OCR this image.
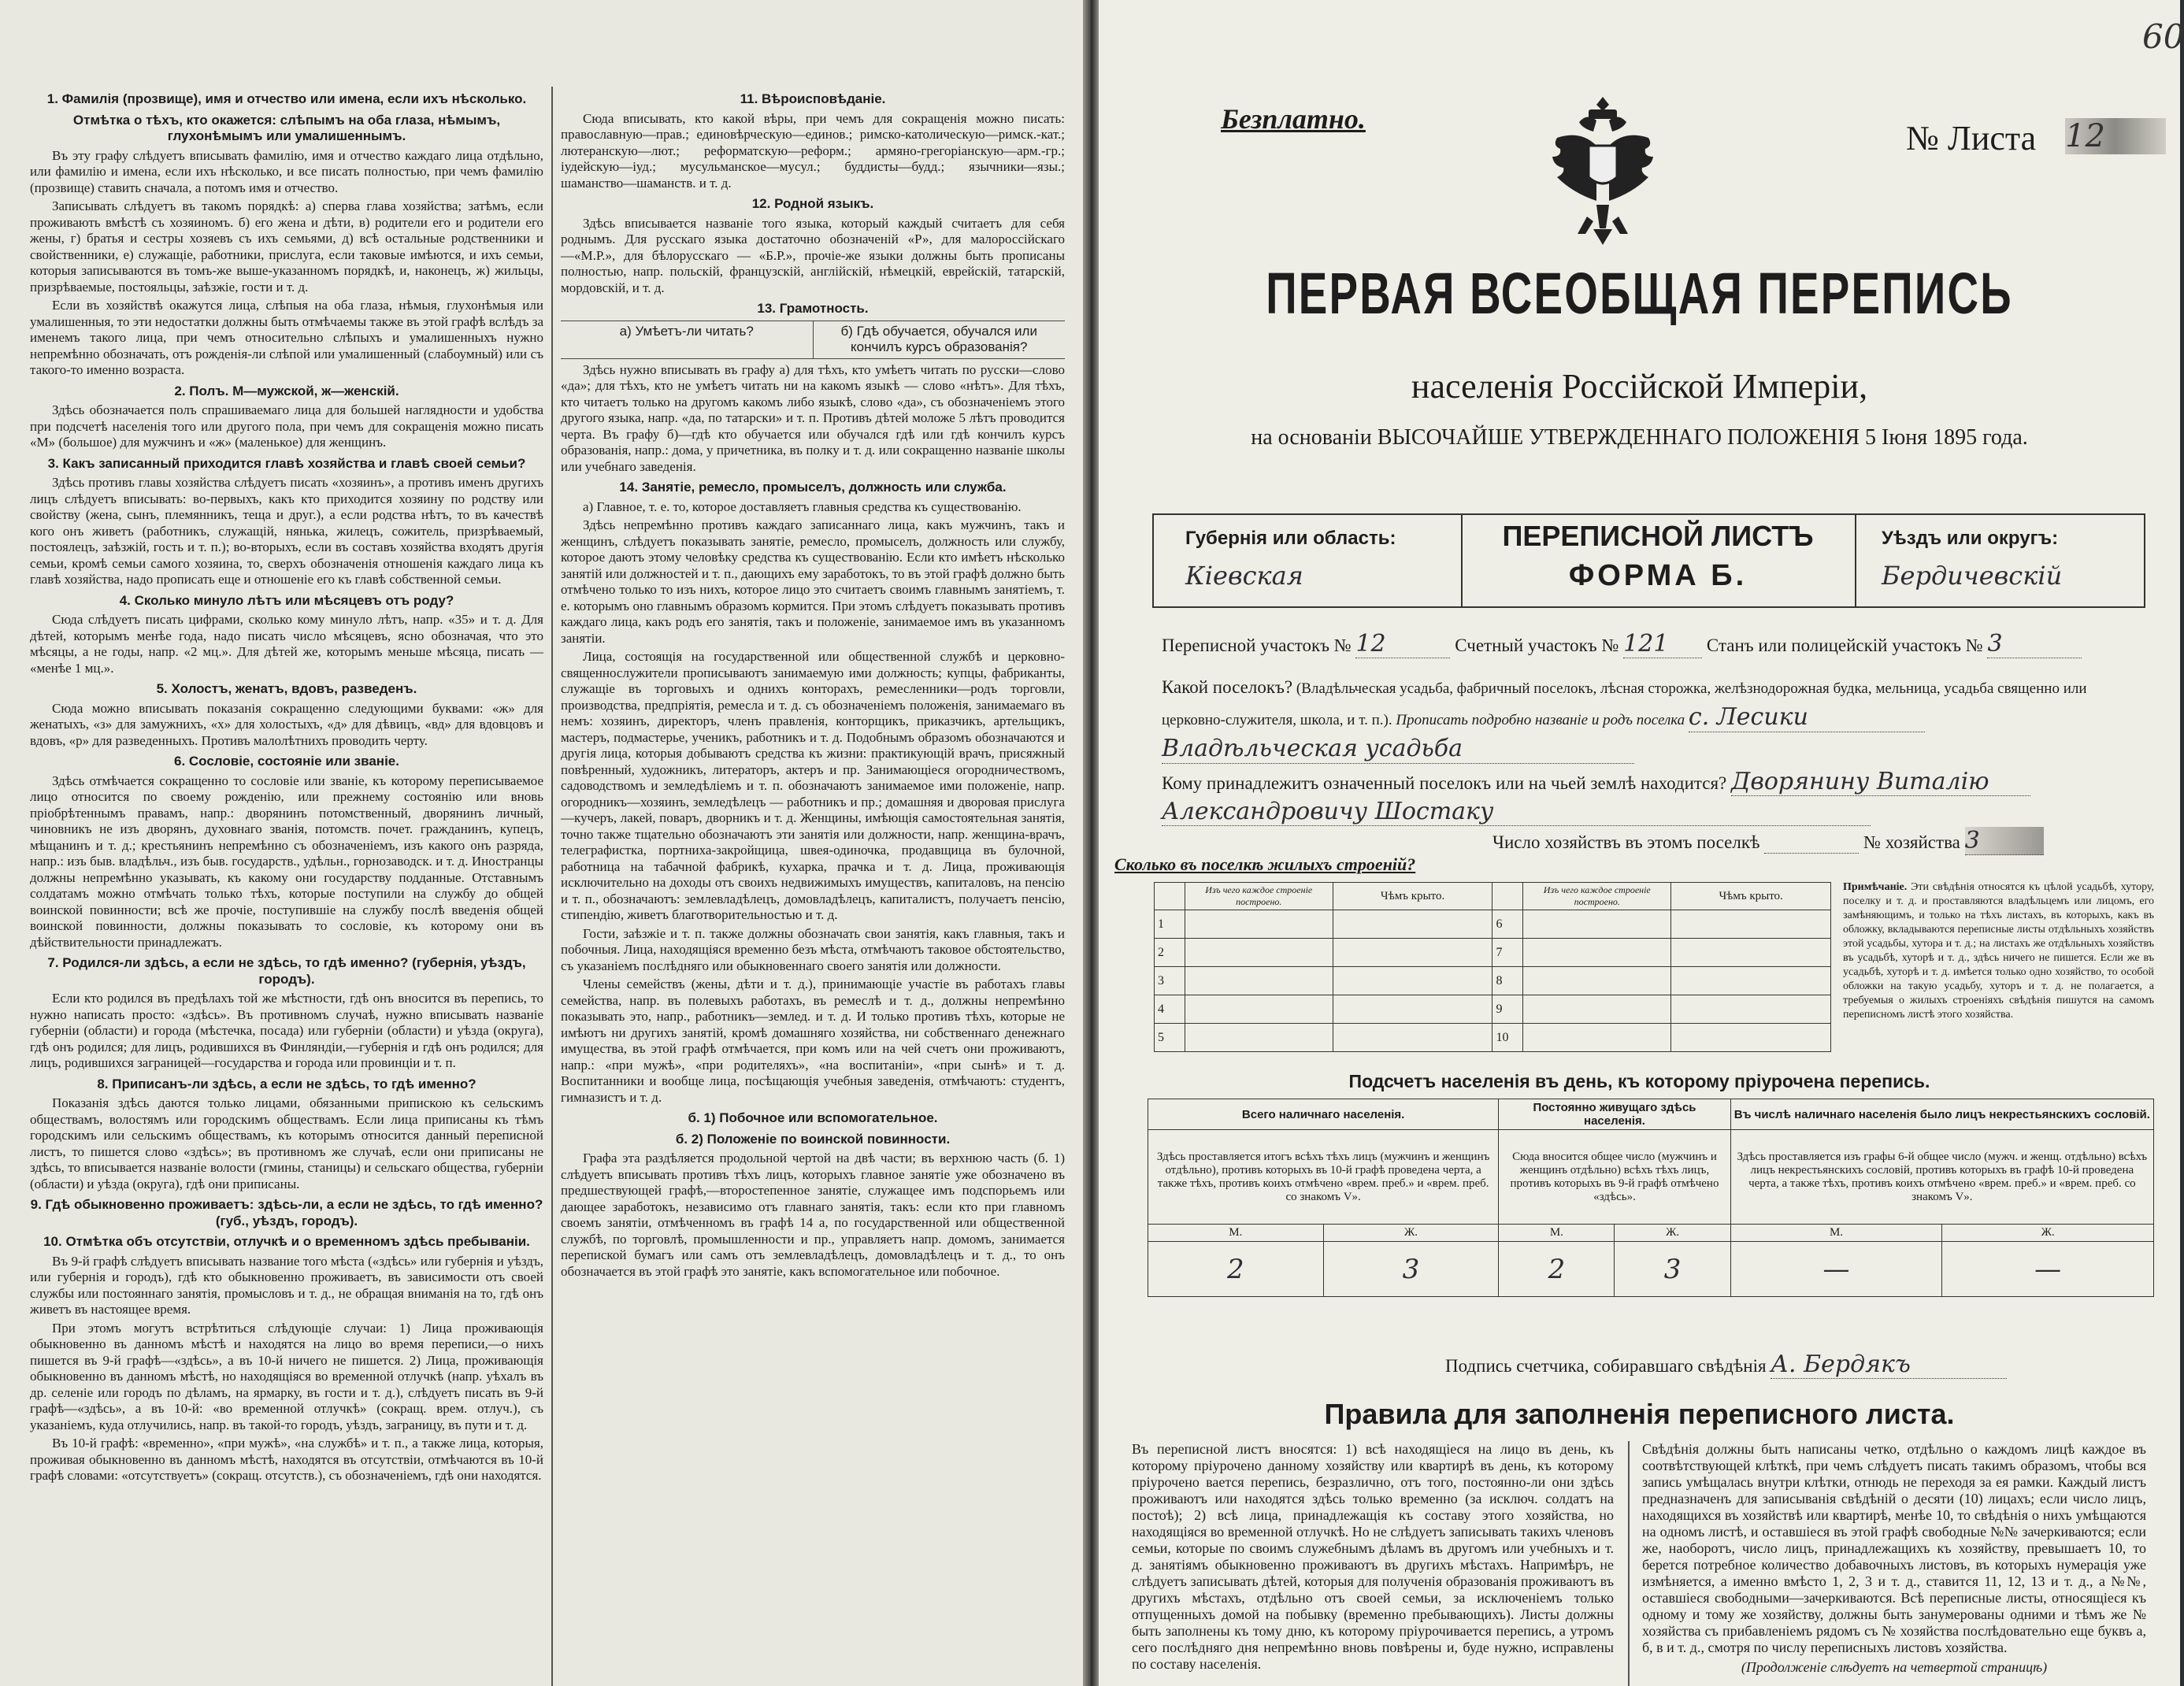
1. Фамилія (прозвище), имя и отчество или имена, если ихъ нѣсколько.
Отмѣтка о тѣхъ, кто окажется: слѣпымъ на оба глаза, нѣмымъ, глухонѣмымъ или умалишеннымъ.
Въ эту графу слѣдуетъ вписывать фамилію, имя и отчество каждаго лица отдѣльно, или фамилію и имена, если ихъ нѣсколько, и все писать полностью, при чемъ фамилію (прозвище) ставить сначала, а потомъ имя и отчество.
Записывать слѣдуетъ въ такомъ порядкѣ: а) сперва глава хозяйства; затѣмъ, если проживають вмѣстѣ съ хозяиномъ. б) его жена и дѣти, в) родители его и родители его жены, г) братья и сестры хозяевъ съ ихъ семьями, д) всѣ остальные родственники и свойственники, е) служащіе, работники, прислуга, если таковые имѣются, и ихъ семьи, которыя записываются въ томъ-же выше-указанномъ порядкѣ, и, наконецъ, ж) жильцы, призрѣваемые, постояльцы, заѣзжіе, гости и т. д.
Если въ хозяйствѣ окажутся лица, слѣпыя на оба глаза, нѣмыя, глухонѣмыя или умалишенныя, то эти недостатки должны быть отмѣчаемы также въ этой графѣ вслѣдъ за именемъ такого лица, при чемъ относительно слѣпыхъ и умалишенныхъ нужно непремѣнно обозначать, отъ рожденія-ли слѣпой или умалишенный (слабоумный) или съ такого-то именно возраста.
2. Полъ. М—мужской, ж—женскій.
Здѣсь обозначается полъ спрашиваемаго лица для большей наглядности и удобства при подсчетѣ населенія того или другого пола, при чемъ для сокращенія можно писать «М» (большое) для мужчинъ и «ж» (маленькое) для женщинъ.
3. Какъ записанный приходится главѣ хозяйства и главѣ своей семьи?
Здѣсь противъ главы хозяйства слѣдуетъ писать «хозяинъ», а противъ именъ другихъ лицъ слѣдуетъ вписывать: во-первыхъ, какъ кто приходится хозяину по родству или свойству (жена, сынъ, племянникъ, теща и друг.), а если родства нѣтъ, то въ качествѣ кого онъ живетъ (работникъ, служащій, нянька, жилецъ, сожитель, призрѣваемый, постоялецъ, заѣзжій, гость и т. п.); во-вторыхъ, если въ составъ хозяйства входятъ другія семьи, кромѣ семьи самого хозяина, то, сверхъ обозначенія отношенія каждаго лица къ главѣ хозяйства, надо прописать еще и отношеніе его къ главѣ собственной семьи.
4. Сколько минуло лѣтъ или мѣсяцевъ отъ роду?
Сюда слѣдуетъ писать цифрами, сколько кому минуло лѣтъ, напр. «35» и т. д. Для дѣтей, которымъ менѣе года, надо писать число мѣсяцевъ, ясно обозначая, что это мѣсяцы, а не годы, напр. «2 мц.». Для дѣтей же, которымъ меньше мѣсяца, писать — «менѣе 1 мц.».
5. Холостъ, женатъ, вдовъ, разведенъ.
Сюда можно вписывать показанія сокращенно следующими буквами: «ж» для женатыхъ, «з» для замужнихъ, «х» для холостыхъ, «д» для дѣвицъ, «вд» для вдовцовъ и вдовъ, «р» для разведенныхъ. Противъ малолѣтнихъ проводить черту.
6. Сословіе, состояніе или званіе.
Здѣсь отмѣчается сокращенно то сословіе или званіе, къ которому переписываемое лицо относится по своему рожденію, или прежнему состоянію или вновь пріобрѣтеннымъ правамъ, напр.: дворянинъ потомственный, дворянинъ личный, чиновникъ не изъ дворянъ, духовнаго званія, потомств. почет. гражданинъ, купецъ, мѣщанинъ и т. д.; крестьянинъ непремѣнно съ обозначеніемъ, изъ какого онъ разряда, напр.: изъ быв. владѣльч., изъ быв. государств., удѣльн., горнозаводск. и т. д. Иностранцы должны непремѣнно указывать, къ какому они государству подданные. Отставнымъ солдатамъ можно отмѣчать только тѣхъ, которые поступили на службу до общей воинской повинности; всѣ же прочіе, поступившіе на службу послѣ введенія общей воинской повинности, должны показывать то сословіе, къ которому они въ дѣйствительности принадлежатъ.
7. Родился-ли здѣсь, а если не здѣсь, то гдѣ именно? (губернія, уѣздъ, городъ).
Если кто родился въ предѣлахъ той же мѣстности, гдѣ онъ вносится въ перепись, то нужно написать просто: «здѣсь». Въ противномъ случаѣ, нужно вписывать названіе губерніи (области) и города (мѣстечка, посада) или губерніи (области) и уѣзда (округа), гдѣ онъ родился; для лицъ, родившихся въ Финляндіи,—губернія и гдѣ онъ родился; для лицъ, родившихся заграницей—государства и города или провинціи и т. п.
8. Приписанъ-ли здѣсь, а если не здѣсь, то гдѣ именно?
Показанія здѣсь даются только лицами, обязанными припискою къ сельскимъ обществамъ, волостямъ или городскимъ обществамъ. Если лица приписаны къ тѣмъ городскимъ или сельскимъ обществамъ, къ которымъ относится данный переписной листъ, то пишется слово «здѣсь»; въ противномъ же случаѣ, если они приписаны не здѣсь, то вписывается названіе волости (гмины, станицы) и сельскаго общества, губерніи (области) и уѣзда (округа), гдѣ они приписаны.
9. Гдѣ обыкновенно проживаетъ: здѣсь-ли, а если не здѣсь, то гдѣ именно? (губ., уѣздъ, городъ).
10. Отмѣтка объ отсутствіи, отлучкѣ и о временномъ здѣсь пребываніи.
Въ 9-й графѣ слѣдуетъ вписывать название того мѣста («здѣсь» или губернія и уѣздъ, или губернія и городъ), гдѣ кто обыкновенно проживаетъ, въ зависимости отъ своей службы или постояннаго занятія, промысловъ и т. д., не обращая вниманія на то, гдѣ онъ живетъ въ настоящее время.
При этомъ могутъ встрѣтиться слѣдующіе случаи: 1) Лица проживающія обыкновенно въ данномъ мѣстѣ и находятся на лицо во время переписи,—о нихъ пишется въ 9-й графѣ—«здѣсь», а въ 10-й ничего не пишется. 2) Лица, проживающія обыкновенно въ данномъ мѣстѣ, но находящіяся во временной отлучкѣ (напр. уѣхалъ въ др. селеніе или городъ по дѣламъ, на ярмарку, въ гости и т. д.), слѣдуетъ писать въ 9-й графѣ—«здѣсь», а въ 10-й: «во временной отлучкѣ» (сокращ. врем. отлуч.), съ указаніемъ, куда отлучились, напр. въ такой-то городъ, уѣздъ, заграницу, въ пути и т. д.
Въ 10-й графѣ: «временно», «при мужѣ», «на службѣ» и т. п., а также лица, которыя, проживая обыкновенно въ данномъ мѣстѣ, находятся въ отсутствіи, отмѣчаются въ 10-й графѣ словами: «отсутствуетъ» (сокращ. отсутств.), съ обозначеніемъ, гдѣ они находятся.
11. Вѣроисповѣданіе.
Сюда вписывать, кто какой вѣры, при чемъ для сокращенія можно писать: православную—прав.; единовѣрческую—единов.; римско-католическую—римск.-кат.; лютеранскую—лют.; реформатскую—реформ.; армяно-грегоріанскую—арм.-гр.; іудейскую—іуд.; мусульманское—мусул.; буддисты—будд.; язычники—язы.; шаманство—шаманств. и т. д.
12. Родной языкъ.
Здѣсь вписывается названіе того языка, который каждый считаетъ для себя роднымъ. Для русскаго языка достаточно обозначеній «Р», для малороссійскаго—«М.Р.», для бѣлорусскаго — «Б.Р.», прочіе-же языки должны быть прописаны полностью, напр. польскій, французскій, англійскій, нѣмецкій, еврейскій, татарскій, мордовскій, и т. д.
13. Грамотность.
а) Умѣетъ-ли читать?	б) Гдѣ обучается, обучался или кончилъ курсъ образованія?
Здѣсь нужно вписывать въ графу а) для тѣхъ, кто умѣетъ читать по русски—слово «да»; для тѣхъ, кто не умѣетъ читать ни на какомъ языкѣ — слово «нѣтъ». Для тѣхъ, кто читаетъ только на другомъ какомъ либо языкѣ, слово «да», съ обозначеніемъ этого другого языка, напр. «да, по татарски» и т. п. Противъ дѣтей моложе 5 лѣтъ проводится черта. Въ графу б)—гдѣ кто обучается или обучался гдѣ или гдѣ кончилъ курсъ образованія, напр.: дома, у причетника, въ полку и т. д. или сокращенно названіе школы или учебнаго заведенія.
14. Занятіе, ремесло, промыселъ, должность или служба.
а) Главное, т. е. то, которое доставляетъ главныя средства къ существованію.
Здѣсь непремѣнно противъ каждаго записаннаго лица, какъ мужчинъ, такъ и женщинъ, слѣдуетъ показывать занятіе, ремесло, промыселъ, должность или службу, которое даютъ этому человѣку средства къ существованію. Если кто имѣетъ нѣсколько занятій или должностей и т. п., дающихъ ему заработокъ, то въ этой графѣ должно быть отмѣчено только то изъ нихъ, которое лицо это считаетъ своимъ главнымъ занятіемъ, т. е. которымъ оно главнымъ образомъ кормится. При этомъ слѣдуетъ показывать противъ каждаго лица, какъ родъ его занятія, такъ и положеніе, занимаемое имъ въ указанномъ занятіи.
Лица, состоящія на государственной или общественной службѣ и церковно-священнослужители прописываютъ занимаемую ими должность; купцы, фабриканты, служащіе въ торговыхъ и однихъ конторахъ, ремесленники—родъ торговли, производства, предпріятія, ремесла и т. д. съ обозначеніемъ положенія, занимаемаго въ немъ: хозяинъ, директоръ, членъ правленія, конторщикъ, приказчикъ, артельщикъ, мастеръ, подмастерье, ученикъ, работникъ и т. д. Подобнымъ образомъ обозначаются и другія лица, которыя добываютъ средства къ жизни: практикующій врачъ, присяжный повѣренный, художникъ, литераторъ, актеръ и пр. Занимающіеся огородничествомъ, садоводствомъ и земледѣліемъ и т. п. обозначаютъ занимаемое ими положеніе, напр. огородникъ—хозяинъ, земледѣлецъ — работникъ и пр.; домашняя и дворовая прислуга—кучеръ, лакей, поваръ, дворникъ и т. д. Женщины, имѣющія самостоятельная занятія, точно также тщательно обозначаютъ эти занятія или должности, напр. женщина-врачъ, телеграфистка, портниха-закройщица, швея-одиночка, продавщица въ булочной, работница на табачной фабрикѣ, кухарка, прачка и т. д. Лица, проживающія исключительно на доходы отъ своихъ недвижимыхъ имуществъ, капиталовъ, на пенсію и т. п., обозначаютъ: землевладѣлецъ, домовладѣлецъ, капиталистъ, получаетъ пенсію, стипендію, живетъ благотворительностью и т. д.
Гости, заѣзжіе и т. п. также должны обозначать свои занятія, какъ главныя, такъ и побочныя. Лица, находящіяся временно безъ мѣста, отмѣчаютъ таковое обстоятельство, съ указаніемъ послѣдняго или обыкновеннаго своего занятія или должности.
Члены семействъ (жены, дѣти и т. д.), принимающіе участіе въ работахъ главы семейства, напр. въ полевыхъ работахъ, въ ремеслѣ и т. д., должны непремѣнно показывать это, напр., работникъ—землед. и т. д. И только противъ тѣхъ, которые не имѣютъ ни другихъ занятій, кромѣ домашняго хозяйства, ни собственнаго денежнаго имущества, въ этой графѣ отмѣчается, при комъ или на чей счетъ они проживаютъ, напр.: «при мужѣ», «при родителяхъ», «на воспитаніи», «при сынѣ» и т. д. Воспитанники и вообще лица, посѣщающія учебныя заведенія, отмѣчаютъ: студентъ, гимназистъ и т. д.
б. 1) Побочное или вспомогательное.
б. 2) Положеніе по воинской повинности.
Графа эта раздѣляется продольной чертой на двѣ части; въ верхнюю часть (б. 1) слѣдуетъ вписывать противъ тѣхъ лицъ, которыхъ главное занятіе уже обозначено въ предшествующей графѣ,—второстепенное занятіе, служащее имъ подспорьемъ или дающее заработокъ, независимо отъ главнаго занятія, такъ: если кто при главномъ своемъ занятіи, отмѣченномъ въ графѣ 14 а, по государственной или общественной службѣ, по торговлѣ, промышленности и пр., управляетъ напр. домомъ, занимается перепиской бумагъ или самъ отъ землевладѣлецъ, домовладѣлецъ и т. д., то онъ обозначается въ этой графѣ это занятіе, какъ вспомогательное или побочное.
60
Безплатно.	№ Листа 12
ПЕРВАЯ ВСЕОБЩАЯ ПЕРЕПИСЬ
населенія Россійской Имперіи,
на основаніи ВЫСОЧАЙШЕ УТВЕРЖДЕННАГО ПОЛОЖЕНІЯ 5 Іюня 1895 года.
Губернія или область:
Кіевская
ПЕРЕПИСНОЙ ЛИСТЪ
ФОРМА Б.
Уѣздъ или округъ:
Бердичевскій
Переписной участокъ № 12	Счетный участокъ № 121 Станъ или полицейскій участокъ № 3
Какой поселокъ? (Владѣльческая усадьба, фабричный поселокъ, лѣсная сторожка, желѣзнодорожная будка, мельница, усадьба священно или церковно-служителя, школа, и т. п.). Прописать подробно названіе и родъ поселка с. Лесики
Владѣльческая усадьба
Кому принадлежитъ означенный поселокъ или на чьей землѣ находится? Дворянину Виталію
Александровичу Шостаку
Число хозяйствъ въ этомъ поселкѣ	№ хозяйства 3
Сколько въ поселкѣ жилыхъ строеній?
	Изъ чего каждое строеніе построено.	Чѣмъ крыто.		Изъ чего каждое строеніе построено.	Чѣмъ крыто.
1			6		
2			7		
3			8		
4			9		
5			10		
Примѣчаніе. Эти свѣдѣнія относятся къ цѣлой усадьбѣ, хутору, поселку и т. д. и проставляются владѣльцемъ или лицомъ, его замѣняющимъ, и только на тѣхъ листахъ, въ которыхъ, какъ въ обложку, вкладываются переписные листы отдѣльныхъ хозяйствъ этой усадьбы, хутора и т. д.; на листахъ же отдѣльныхъ хозяйствъ въ усадьбѣ, хуторѣ и т. д., здѣсь ничего не пишется. Если же въ усадьбѣ, хуторѣ и т. д. имѣется только одно хозяйство, то особой обложки на такую усадьбу, хуторъ и т. д. не полагается, а требуемыя о жилыхъ строеніяхъ свѣдѣнія пишутся на самомъ переписномъ листѣ этого хозяйства.
Подсчетъ населенія въ день, къ которому пріурочена перепись.
Всего наличнаго населенія.		Постоянно живущаго здѣсь населенія.		Въ числѣ наличнаго населенія было лицъ некрестьянскихъ сословій.	
Здѣсь проставляется итогъ всѣхъ тѣхъ лицъ (мужчинъ и женщинъ отдѣльно), противъ которыхъ въ 10-й графѣ проведена черта, а также тѣхъ, противъ коихъ отмѣчено «врем. преб.» и «врем. преб. со знакомъ V».		Сюда вносится общее число (мужчинъ и женщинъ отдѣльно) всѣхъ тѣхъ лицъ, противъ которыхъ въ 9-й графѣ отмѣчено «здѣсь».		Здѣсь проставляется изъ графы 6-й общее число (мужч. и женщ. отдѣльно) всѣхъ лицъ некрестьянскихъ сословій, противъ которыхъ въ графѣ 10-й проведена черта, а также тѣхъ, противъ коихъ отмѣчено «врем. преб.» и «врем. преб. со знакомъ V».	
М.	Ж.	М.	Ж.	М.	Ж.
2	3	2	3	—	—
Подпись счетчика, собиравшаго свѣдѣнія А. Бердякъ
Правила для заполненія переписного листа.
Въ переписной листъ вносятся: 1) всѣ находящіеся на лицо въ день, къ которому пріурочено данному хозяйству или квартирѣ въ день, къ которому пріурочено вается перепись, безразлично, отъ того, постоянно-ли они здѣсь проживаютъ или находятся здѣсь только временно (за исключ. солдатъ на постоѣ); 2) всѣ лица, принадлежащія къ составу этого хозяйства, но находящіяся во временной отлучкѣ. Но не слѣдуетъ записывать такихъ членовъ семьи, которые по своимъ служебнымъ дѣламъ въ другомъ или учебныхъ и т. д. занятіямъ обыкновенно проживаютъ въ другихъ мѣстахъ. Напримѣръ, не слѣдуетъ записывать дѣтей, которыя для полученія образованія проживаютъ въ другихъ мѣстахъ, отдѣльно отъ своей семьи, за исключеніемъ только отпущенныхъ домой на побывку (временно пребывающихъ). Листы должны быть заполнены къ тому дню, къ которому пріурочивается перепись, а утромъ сего послѣдняго дня непремѣнно вновь повѣрены и, буде нужно, исправлены по составу населенія.
Свѣдѣнія должны быть написаны четко, отдѣльно о каждомъ лицѣ каждое въ соотвѣтствующей клѣткѣ, при чемъ слѣдуетъ писать такимъ образомъ, чтобы вся запись умѣщалась внутри клѣтки, отнюдь не переходя за ея рамки. Каждый листъ предназначенъ для записыванія свѣдѣній о десяти (10) лицахъ; если число лицъ, находящихся въ хозяйствѣ или квартирѣ, менѣе 10, то свѣдѣнія о нихъ умѣщаются на одномъ листѣ, и оставшіеся въ этой графѣ свободные №№ зачеркиваются; если же, наоборотъ, число лицъ, принадлежащихъ къ хозяйству, превышаетъ 10, то берется потребное количество добавочныхъ листовъ, въ которыхъ нумерація уже измѣняется, а именно вмѣсто 1, 2, 3 и т. д., ставится 11, 12, 13 и т. д., а №№, оставшіеся свободными—зачеркиваются. Всѣ переписные листы, относящіеся къ одному и тому же хозяйству, должны быть занумерованы одними и тѣмъ же № хозяйства съ прибавленіемъ рядомъ съ № хозяйства послѣдовательно еще буквъ а, б, в и т. д., смотря по числу переписныхъ листовъ хозяйства.
(Продолженіе слѣдуетъ на четвертой страницѣ)
